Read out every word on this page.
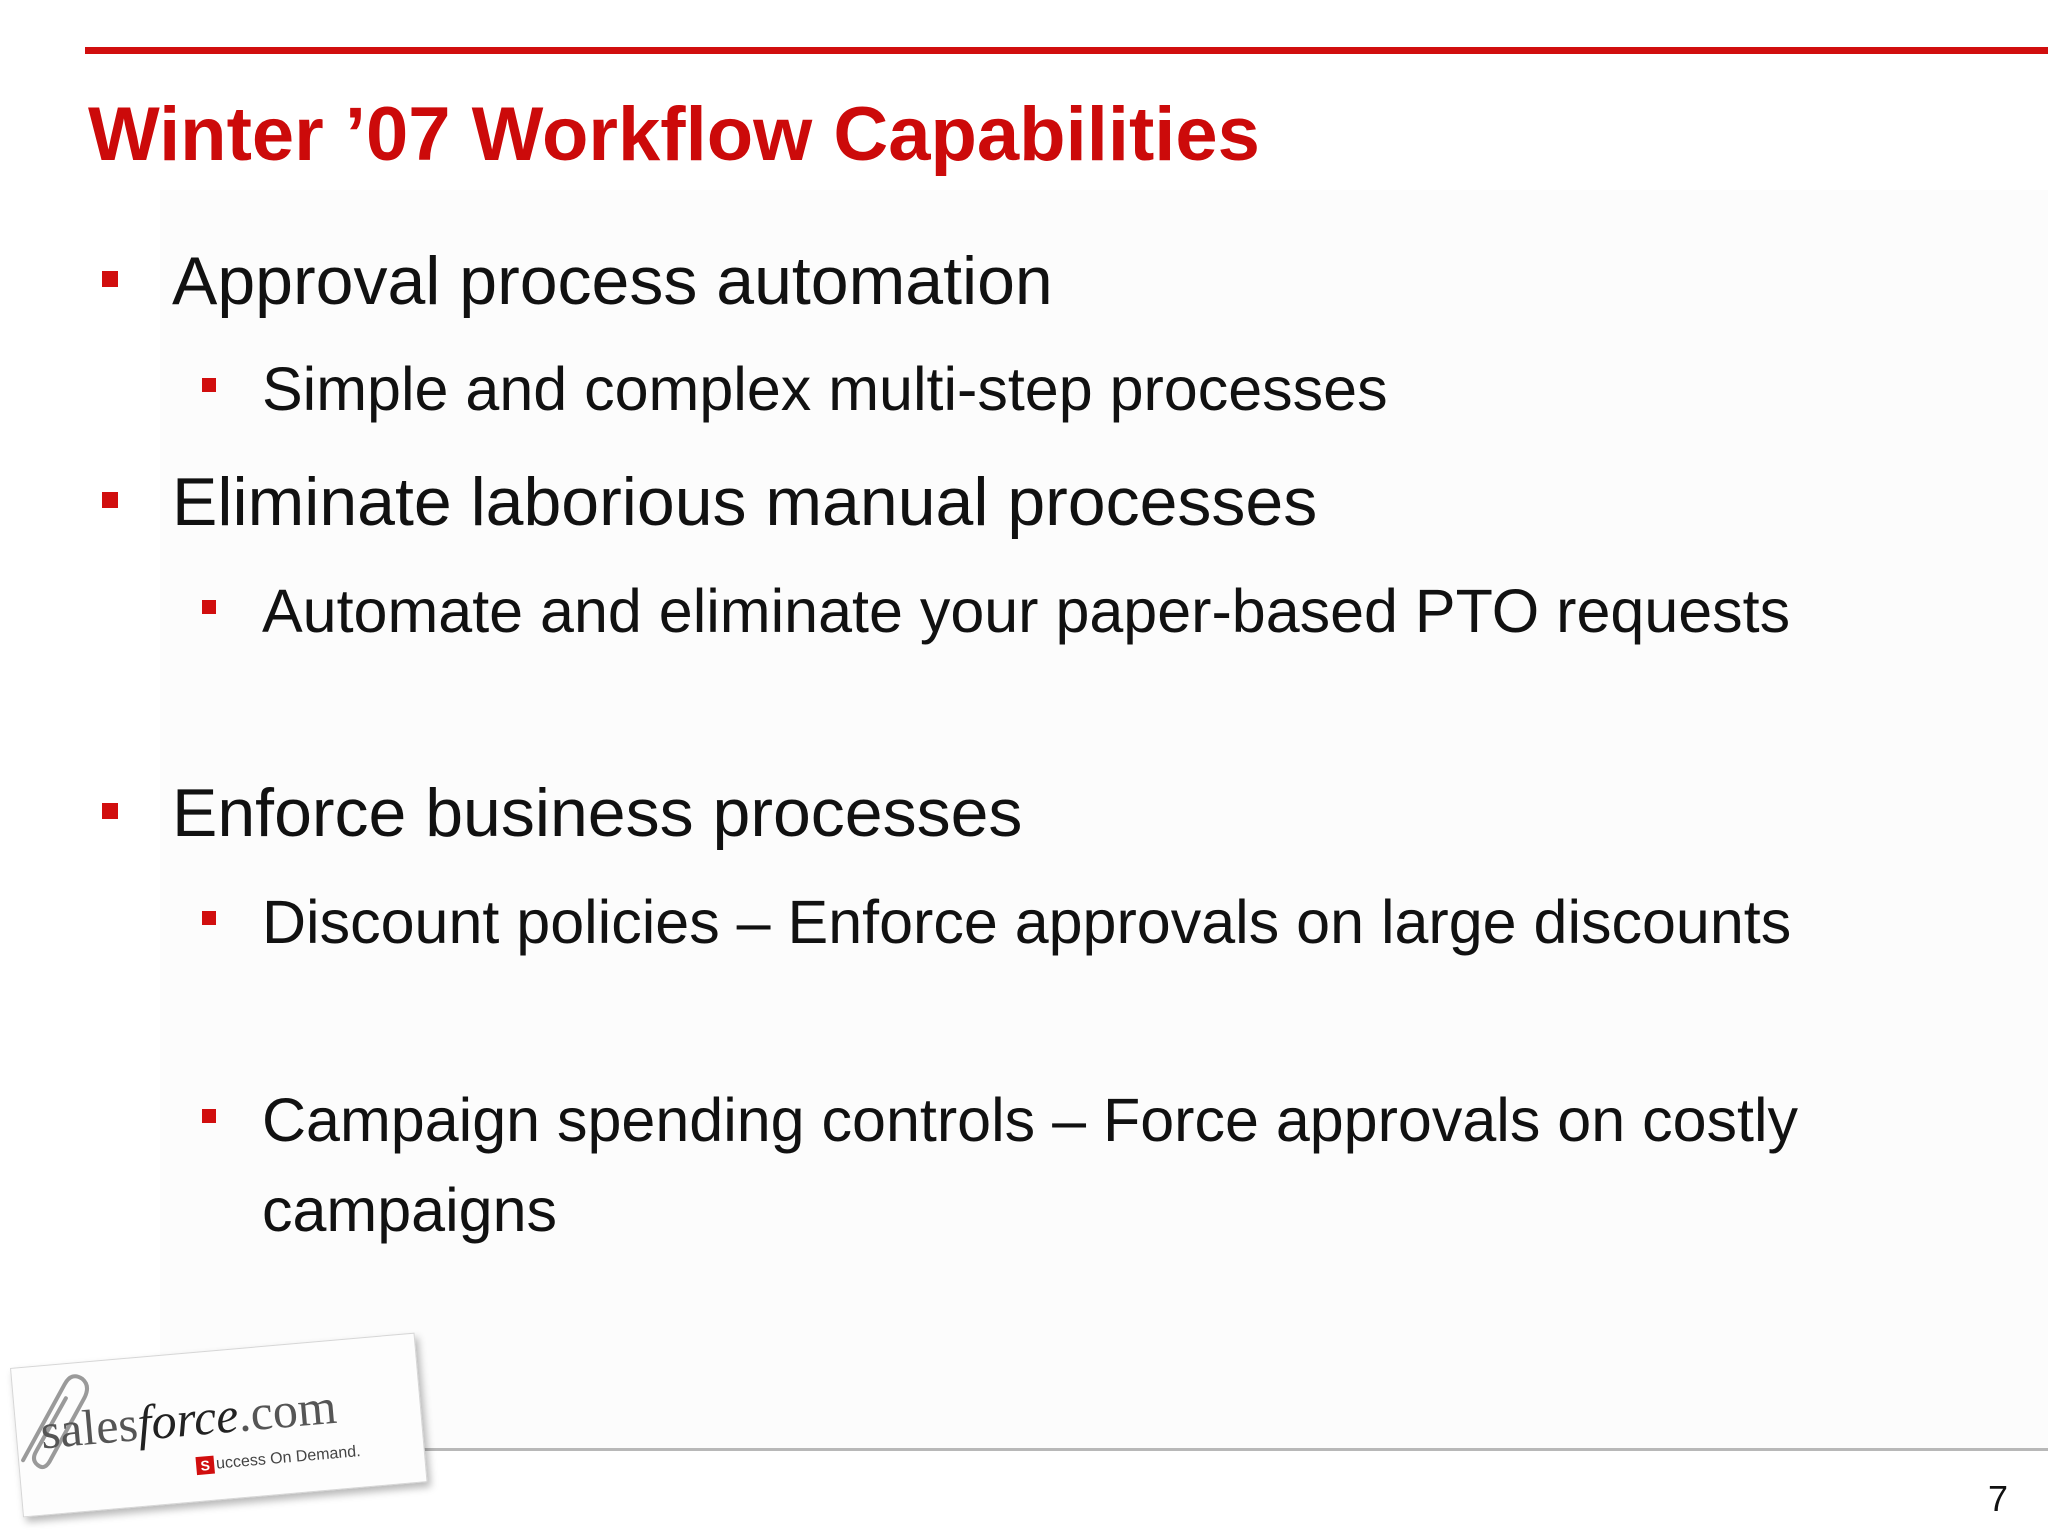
Winter ’07 Workflow Capabilities
Approval process automation
Simple and complex multi-step processes
Eliminate laborious manual processes
Automate and eliminate your paper-based PTO requests
Enforce business processes
Discount policies – Enforce approvals on large discounts
Campaign spending controls – Force approvals on costly campaigns
7
salesforce.com
S uccess On Demand.
